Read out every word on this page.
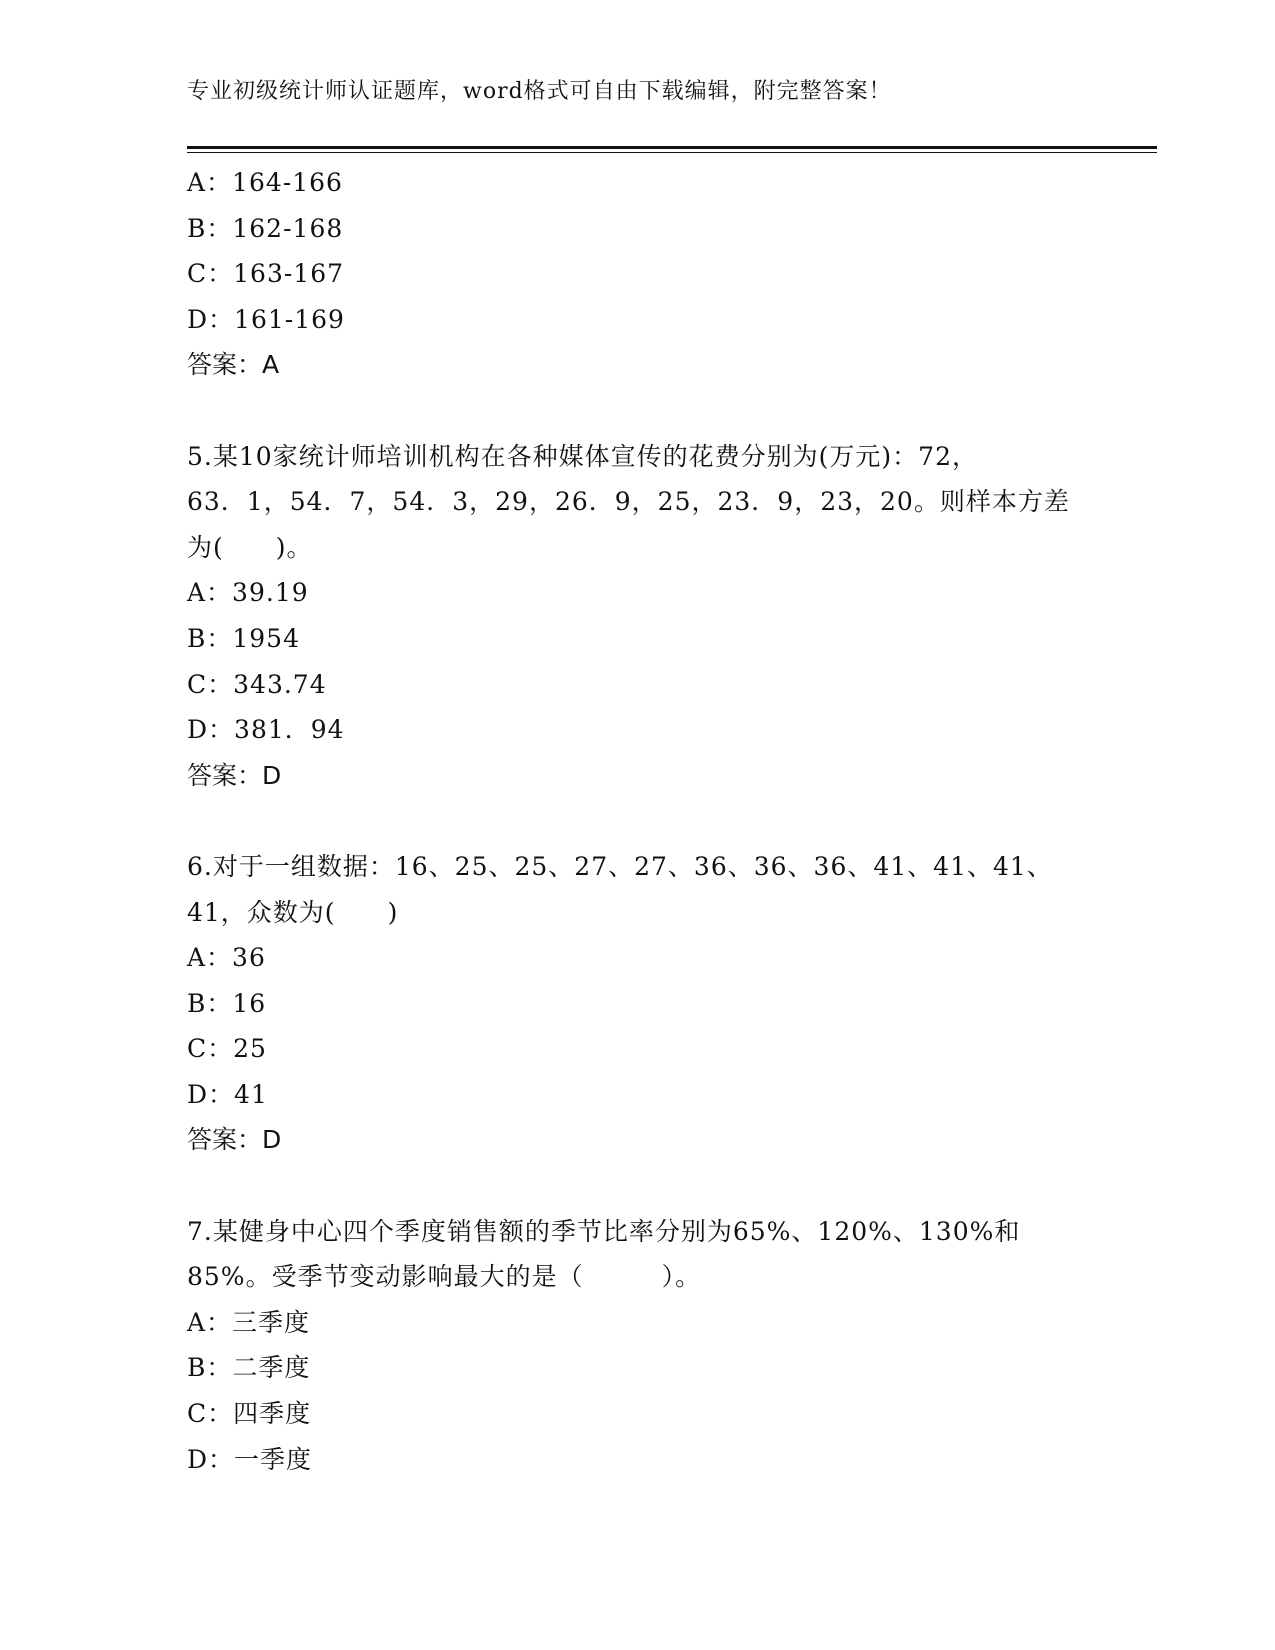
专业初级统计师认证题库，word格式可自由下载编辑，附完整答案！
A：164-166
B：162-168
C：163-167
D：161-169
答案：A
5.某10家统计师培训机构在各种媒体宣传的花费分别为(万元)：72，
63．1，54．7，54．3，29，26．9，25，23．9，23，20。则样本方差
为(　　)。
A：39.19
B：1954
C：343.74
D：381．94
答案：D
6.对于一组数据：16、25、25、27、27、36、36、36、41、41、41、
41，众数为(　　)
A：36
B：16
C：25
D：41
答案：D
7.某健身中心四个季度销售额的季节比率分别为65%、120%、130%和
85%。受季节变动影响最大的是（　　　）。
A：三季度
B：二季度
C：四季度
D：一季度
